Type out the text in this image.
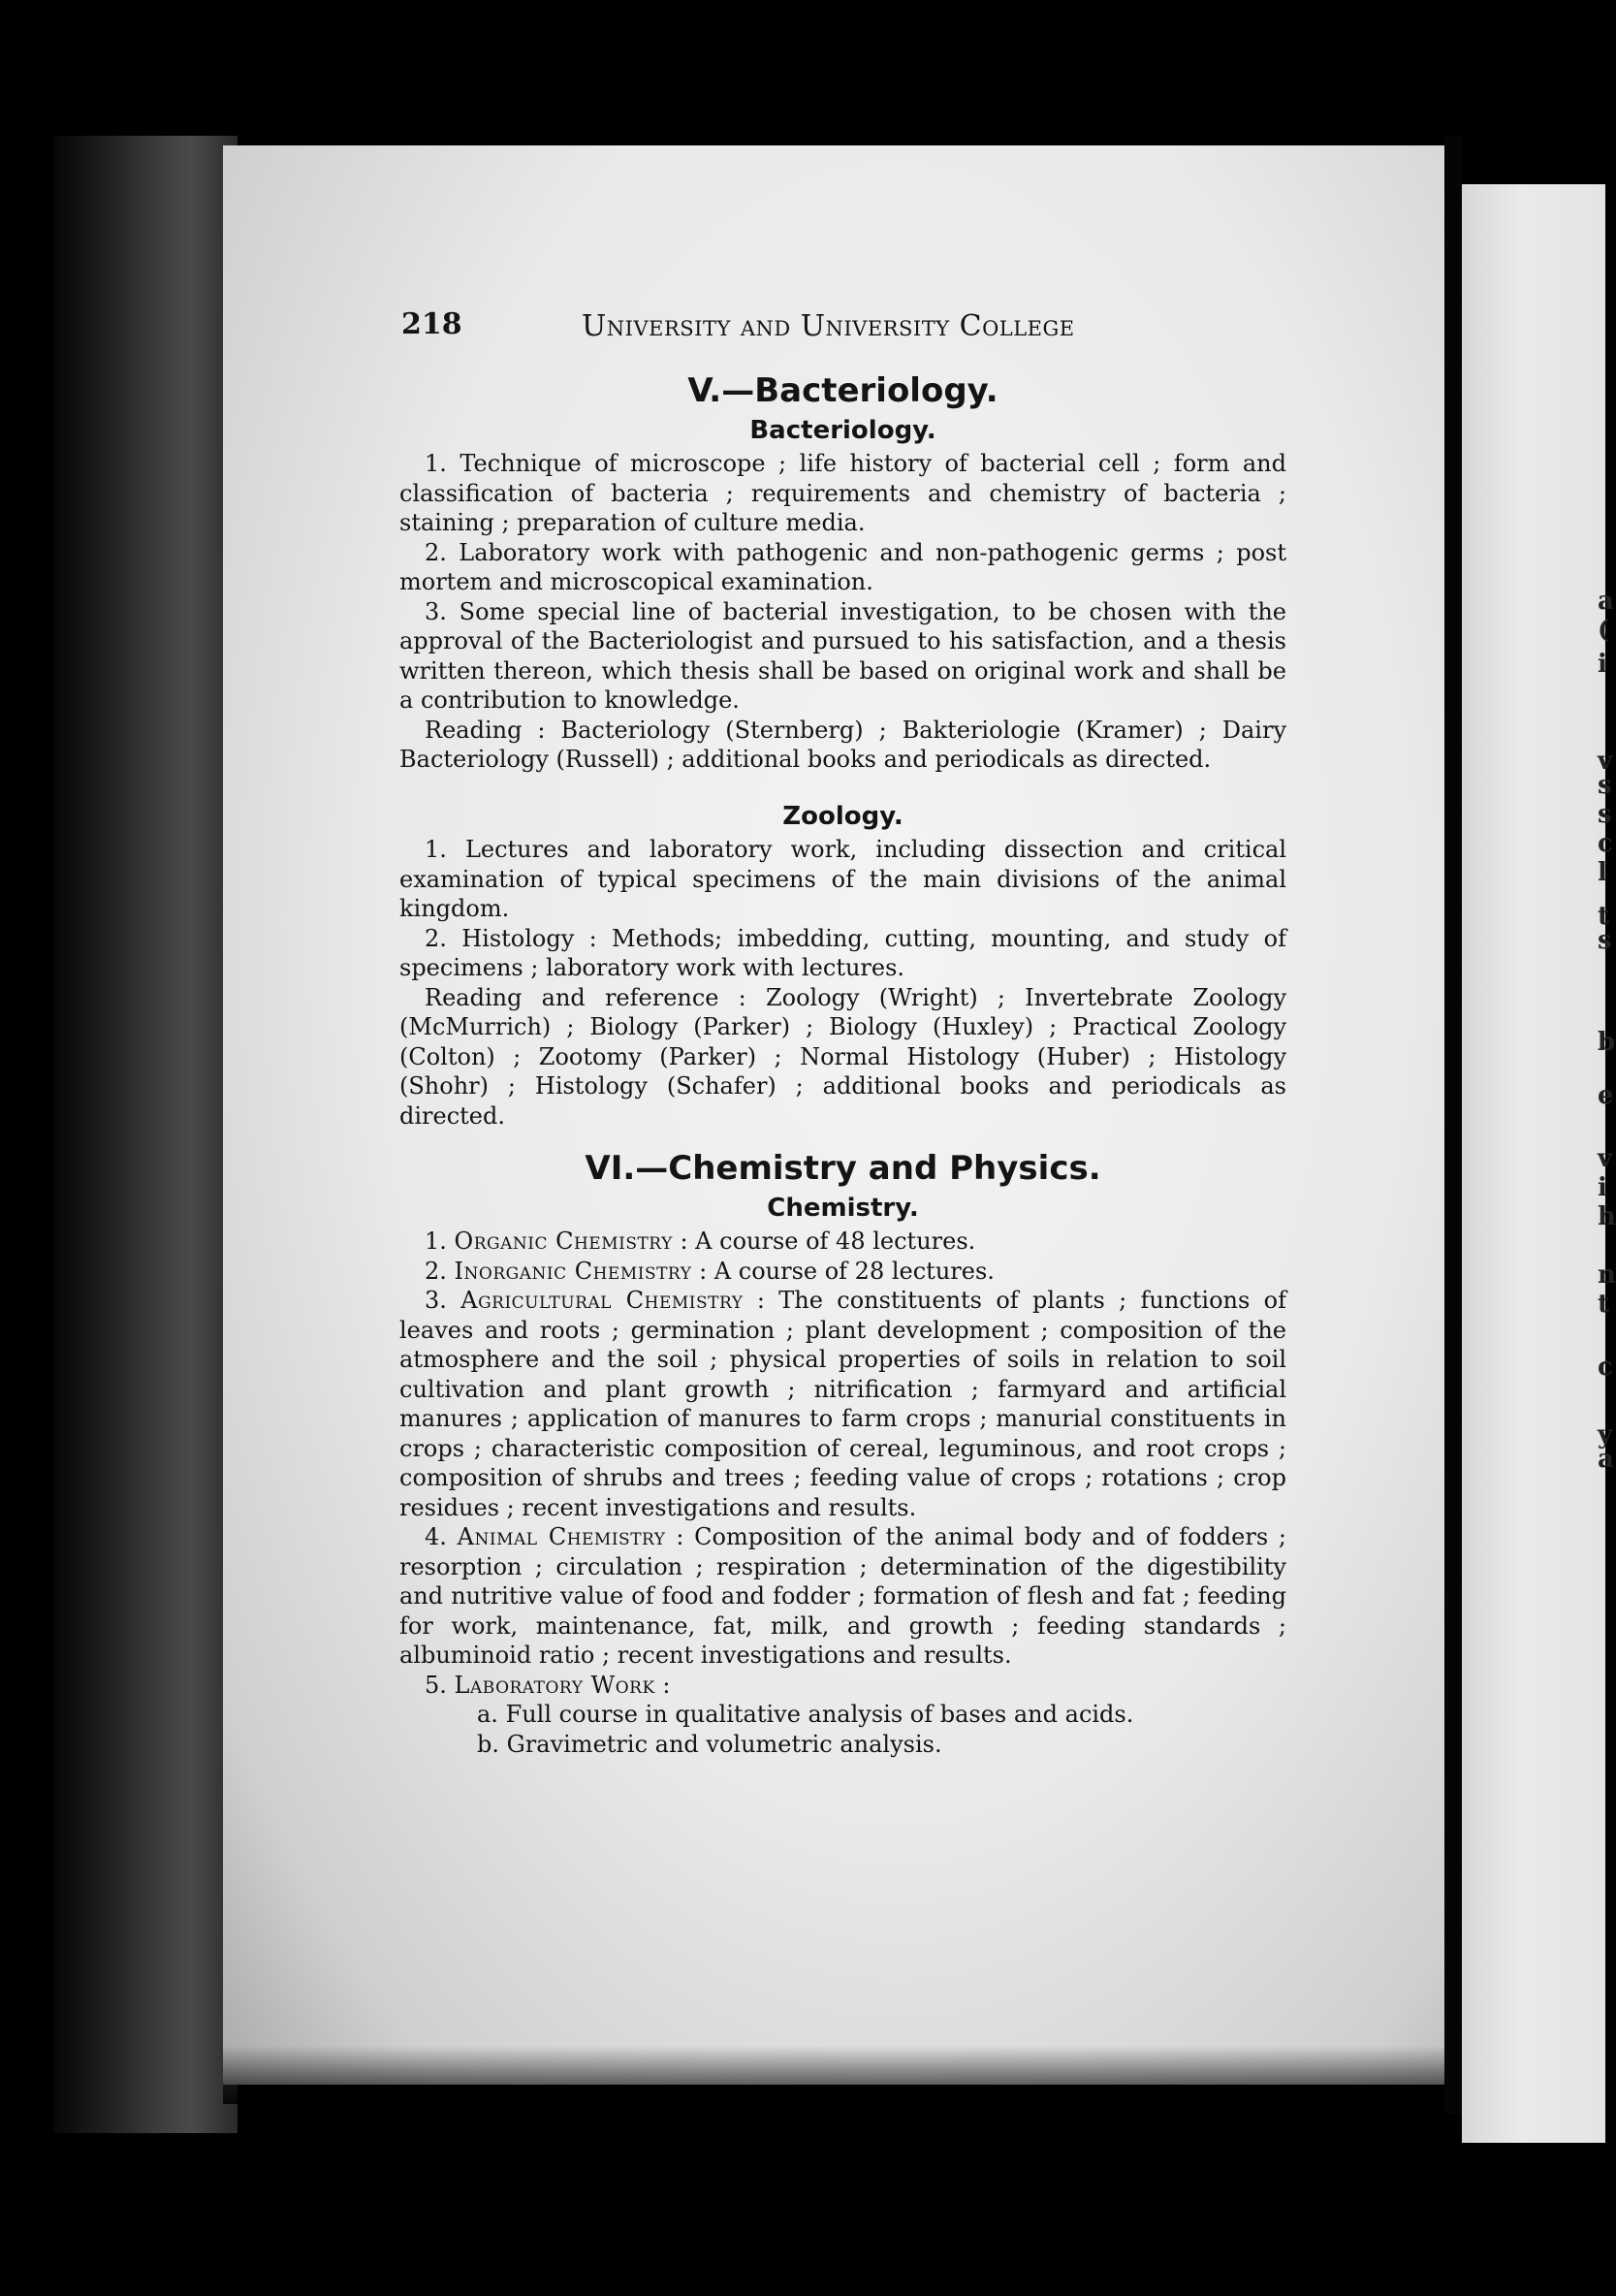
a
(
i
v
s
s
c
l
t
s
b
e
v
i
h
n
t
c
y
a
218	University and University College
V.—Bacteriology.
Bacteriology.

1. Technique of microscope ; life history of bacterial cell ; form and classification of bacteria ; requirements and chemistry of bacteria ; staining ; preparation of culture media.

2. Laboratory work with pathogenic and non-pathogenic germs ; post mortem and microscopical examination.

3. Some special line of bacterial investigation, to be chosen with the approval of the Bacteriologist and pursued to his satisfaction, and a thesis written thereon, which thesis shall be based on original work and shall be a contribution to knowledge.

Reading : Bacteriology (Sternberg) ; Bakteriologie (Kramer) ; Dairy Bacteriology (Russell) ; additional books and periodicals as directed.

Zoology.

1. Lectures and laboratory work, including dissection and critical examination of typical specimens of the main divisions of the animal kingdom.

2. Histology : Methods; imbedding, cutting, mounting, and study of specimens ; laboratory work with lectures.

Reading and reference : Zoology (Wright) ; Invertebrate Zoology (McMurrich) ; Biology (Parker) ; Biology (Huxley) ; Practical Zoology (Colton) ; Zootomy (Parker) ; Normal Histology (Huber) ; Histology (Shohr) ; Histology (Schafer) ; additional books and periodicals as directed.

VI.—Chemistry and Physics.
Chemistry.

1. Organic Chemistry : A course of 48 lectures.

2. Inorganic Chemistry : A course of 28 lectures.

3. Agricultural Chemistry : The constituents of plants ; functions of leaves and roots ; germination ; plant development ; composition of the atmosphere and the soil ; physical properties of soils in relation to soil cultivation and plant growth ; nitrification ; farmyard and artificial manures ; application of manures to farm crops ; manurial constituents in crops ; characteristic composition of cereal, leguminous, and root crops ; composition of shrubs and trees ; feeding value of crops ; rotations ; crop residues ; recent investigations and results.

4. Animal Chemistry : Composition of the animal body and of fodders ; resorption ; circulation ; respiration ; determination of the digestibility and nutritive value of food and fodder ; formation of flesh and fat ; feeding for work, maintenance, fat, milk, and growth ; feeding standards ; albuminoid ratio ; recent investigations and results.

5. Laboratory Work :

a. Full course in qualitative analysis of bases and acids.

b. Gravimetric and volumetric analysis.
